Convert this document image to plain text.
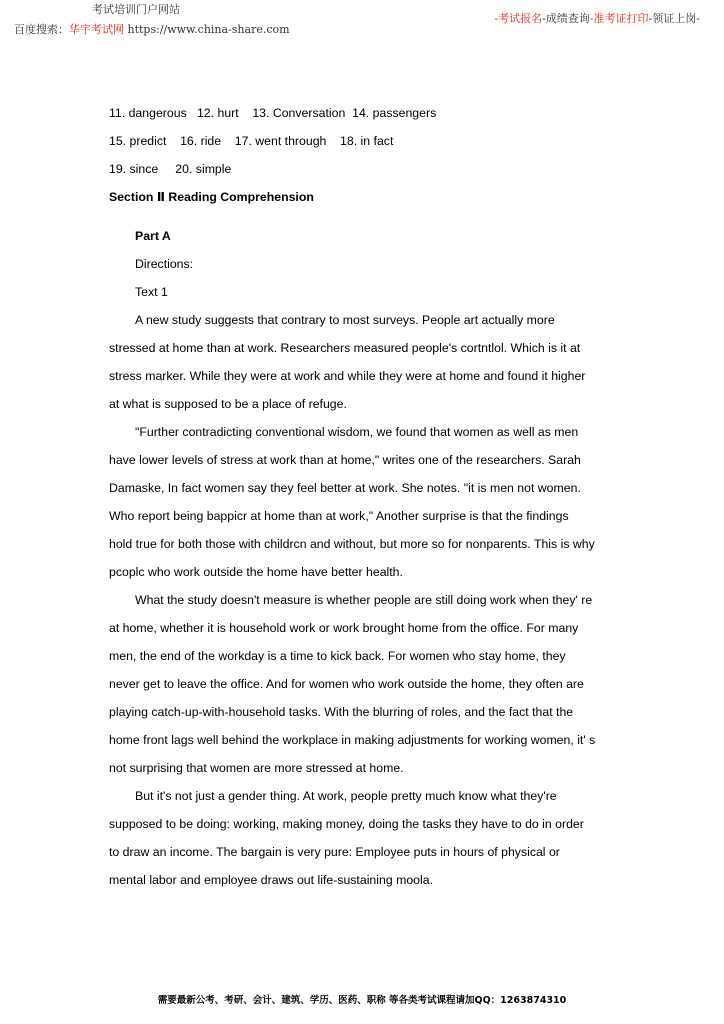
考试培训门户网站
百度搜索：华宇考试网 https://www.china-share.com
-考试报名-成绩查询-准考证打印-领证上岗-

11. dangerous   12. hurt    13. Conversation  14. passengers

15. predict    16. ride    17. went through    18. in fact

19. since     20. simple

Section Ⅱ Reading Comprehension

Part A

Directions:

Text 1

A new study suggests that contrary to most surveys. People art actually more
stressed at home than at work. Researchers measured people's cortntlol. Which is it at
stress marker. While they were at work and while they were at home and found it higher
at what is supposed to be a place of refuge.
"Further contradicting conventional wisdom, we found that women as well as men
have lower levels of stress at work than at home," writes one of the researchers. Sarah
Damaske, In fact women say they feel better at work. She notes. "it is men not women.
Who report being bappicr at home than at work," Another surprise is that the findings
hold true for both those with childrcn and without, but more so for nonparents. This is why
pcoplc who work outside the home have better health.
What the study doesn't measure is whether people are still doing work when they' re
at home, whether it is household work or work brought home from the office. For many
men, the end of the workday is a time to kick back. For women who stay home, they
never get to leave the office. And for women who work outside the home, they often are
playing catch-up-with-household tasks. With the blurring of roles, and the fact that the
home front lags well behind the workplace in making adjustments for working women, it' s
not surprising that women are more stressed at home.
But it's not just a gender thing. At work, people pretty much know what they're
supposed to be doing: working, making money, doing the tasks they have to do in order
to draw an income. The bargain is very pure: Employee puts in hours of physical or
mental labor and employee draws out life-sustaining moola.
需要最新公考、考研、会计、建筑、学历、医药、职称 等各类考试课程请加QQ：1263874310
